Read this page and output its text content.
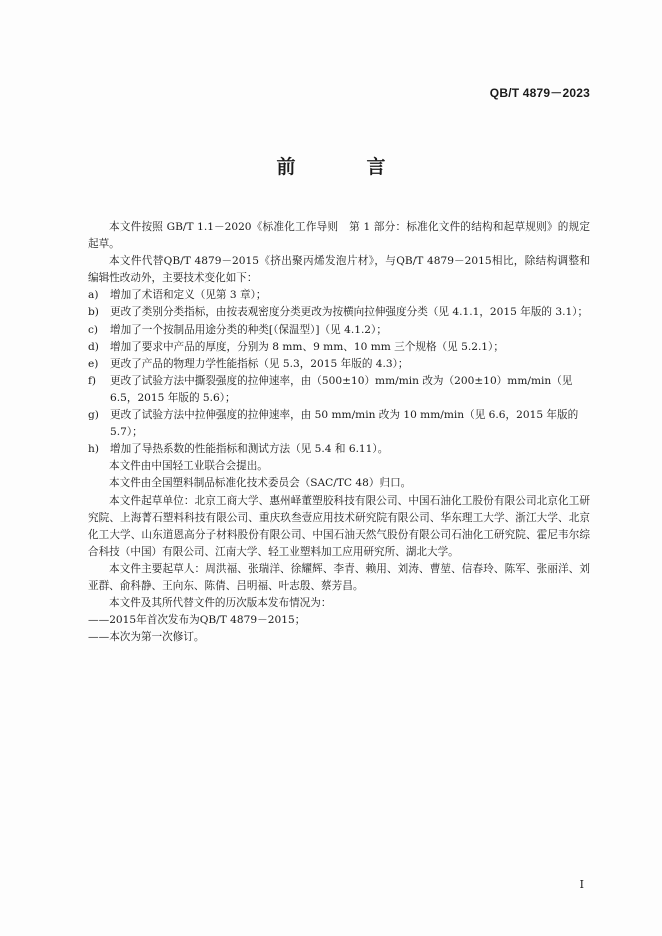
QB/T 4879－2023
前　言

本文件按照 GB/T 1.1－2020《标准化工作导则　第 1 部分：标准化文件的结构和起草规则》的规定起草。

本文件代替QB/T 4879－2015《挤出聚丙烯发泡片材》，与QB/T 4879－2015相比，除结构调整和编辑性改动外，主要技术变化如下：

a) 增加了术语和定义（见第 3 章）；

b) 更改了类别分类指标，由按表观密度分类更改为按横向拉伸强度分类（见 4.1.1，2015 年版的 3.1）；

c) 增加了一个按制品用途分类的种类[（保温型）]（见 4.1.2）；

d) 增加了要求中产品的厚度，分别为 8 mm、9 mm、10 mm 三个规格（见 5.2.1）；

e) 更改了产品的物理力学性能指标（见 5.3，2015 年版的 4.3）；

f) 更改了试验方法中撕裂强度的拉伸速率，由（500±10）mm/min 改为（200±10）mm/min（见 6.5，2015 年版的 5.6）；

g) 更改了试验方法中拉伸强度的拉伸速率，由 50 mm/min 改为 10 mm/min（见 6.6，2015 年版的 5.7）；

h) 增加了导热系数的性能指标和测试方法（见 5.4 和 6.11）。

本文件由中国轻工业联合会提出。

本文件由全国塑料制品标准化技术委员会（SAC/TC 48）归口。

本文件起草单位：北京工商大学、惠州峄董塑胶科技有限公司、中国石油化工股份有限公司北京化工研究院、上海菁石塑料科技有限公司、重庆玖叁壹应用技术研究院有限公司、华东理工大学、浙江大学、北京化工大学、山东道恩高分子材料股份有限公司、中国石油天然气股份有限公司石油化工研究院、霍尼韦尔综合科技（中国）有限公司、江南大学、轻工业塑料加工应用研究所、湖北大学。

本文件主要起草人：周洪福、张瑞洋、徐耀辉、李青、赖用、刘涛、曹堃、信春玲、陈军、张丽洋、刘亚群、俞科静、王向东、陈倩、吕明福、叶志殷、蔡芳昌。

本文件及其所代替文件的历次版本发布情况为：

——2015年首次发布为QB/T 4879－2015；

——本次为第一次修订。

I
